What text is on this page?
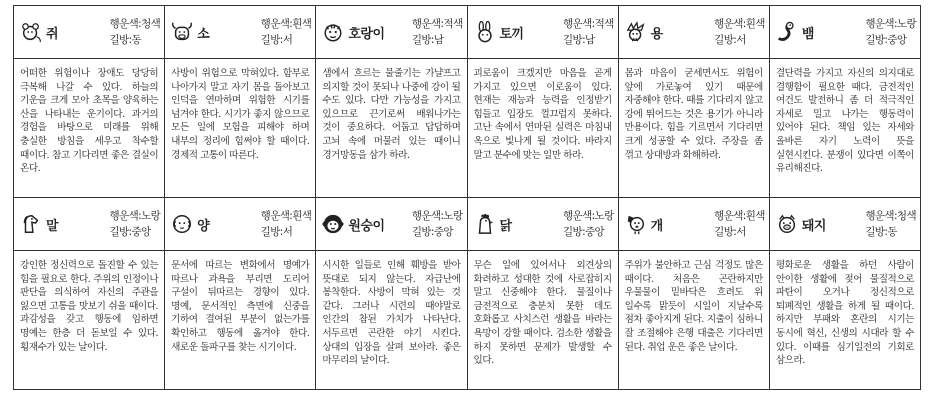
쥐
행운색:청색
길방:동
어떠한 위험이나 장애도 당당히 극복해 나갈 수 있다. 하늘의 기운을 크게 모아 초목을 양육하는 산을 나타내는 운기이다. 과거의 경험을 바탕으로 미래를 위해 충실한 방침을 세우고 착수할 때이다. 참고 기다리면 좋은 결실이 온다.
소
행운색:흰색
길방:서
사방이 위험으로 막혀있다. 함부로 나아가지 말고 자기 몸을 돌아보고 인덕을 연마하며 위험한 시기를 넘겨야 한다. 시기가 좋지 않으므로 모든 일에 모험을 피해야 하며 내부의 정리에 힘써야 할 때이다. 경제적 고통이 따른다.
호랑이
행운색:적색
길방:남
샘에서 흐르는 물줄기는 가냘프고 의지할 것이 못되나 나중에 강이 될 수도 있다. 다만 가능성을 가지고 있으므로 끈기로써 배워나가는 것이 중요하다. 어둡고 답답하며 고뇌 속에 머물러 있는 때이니 경거망동을 삼가 하라.
토끼
행운색:적색
길방:남
괴로움이 크겠지만 마음을 곧게 가지고 있으면 이로움이 있다. 현재는 재능과 능력을 인정받기 힘들고 입장도 껄끄럽지 못하다. 고난 속에서 연마된 실력은 마침내 옥으로 빛나게 될 것이다. 바라지 말고 분수에 맞는 일만 하라.
용
행운색:흰색
길방:서
몸과 마음이 굳세면서도 위험이 앞에 가로놓여 있기 때문에 자중해야 한다. 때를 기다리지 않고 강에 뛰어드는 것은 용기가 아니라 만용이다. 힘을 기르면서 기다리면 크게 성공할 수 있다. 주장을 좀 꺾고 상대방과 화해하라.
뱀
행운색:노랑
길방:중앙
결단력을 가지고 자신의 의지대로 결행함이 필요한 때다. 금전적인 여건도 발전하니 좀 더 적극적인 자세로 밀고 나가는 행동력이 있어야 된다. 책임 있는 자세와 올바른 자기 노력이 뜻을 실현시킨다. 분쟁이 있다면 이쪽이 유리해진다.
말
행운색:노랑
길방:중앙
강인한 정신력으로 돌진할 수 있는 힘을 필요로 한다. 주위의 인정이나 판단을 의식하여 자신의 주관을 잃으면 고통을 맛보기 쉬울 때이다. 과감성을 갖고 행동에 임하면 명예는 한층 더 돋보일 수 있다. 횡재수가 있는 날이다.
양
행운색:흰색
길방:서
문서에 따르는 변화에서 명예가 따르나 과욕을 부리면 도리어 구설이 뒤따르는 경향이 있다. 명예, 문서적인 측면에 신중을 기하여 결여된 부분이 없는가를 확인하고 행동에 옮겨야 한다. 새로운 돌파구를 찾는 시기이다.
원숭이
행운색:노랑
길방:중앙
시시한 일들로 인해 훼방을 받아 뜻대로 되지 않는다. 자급난에 봉착한다. 사방이 막혀 있는 것 같다. 그러나 시련의 때야말로 인간의 참된 가치가 나타난다. 서두르면 곤란한 야기 시킨다. 상대의 입장을 살펴 보아라. 좋은 마무리의 날이다.
닭
행운색:노랑
길방:중앙
무슨 일에 있어서나 외견상의 화려하고 성대한 것에 사로잡히지 말고 신중해야 한다. 물질이나 금전적으로 충분치 못한 데도 호화롭고 사치스런 생활을 바라는 욕망이 강할 때이다. 검소한 생활을 하지 못하면 문제가 발생할 수 있다.
개
행운색:흰색
길방:서
주위가 불안하고 근심 걱정도 많은 때이다. 처음은 곤란하지만 우물물이 밑바닥은 흐려도 위 일수록 맑듯이 시일이 지날수록 점차 좋아지게 된다. 지출이 심하니 잘 조절해야 은행 대출은 기다리면 된다. 취업 운은 좋은 날이다.
돼지
행운색:청색
길방:동
평화로운 생활을 하던 사람이 안이한 생활에 젖어 물질적으로 파탄이 오거나 정신적으로 퇴폐적인 생활을 하게 될 때이다. 하지만 부패와 혼란의 시기는 동시에 혁신, 신생의 시대라 할 수 있다. 이때를 심기일전의 기회로 삼으라.
